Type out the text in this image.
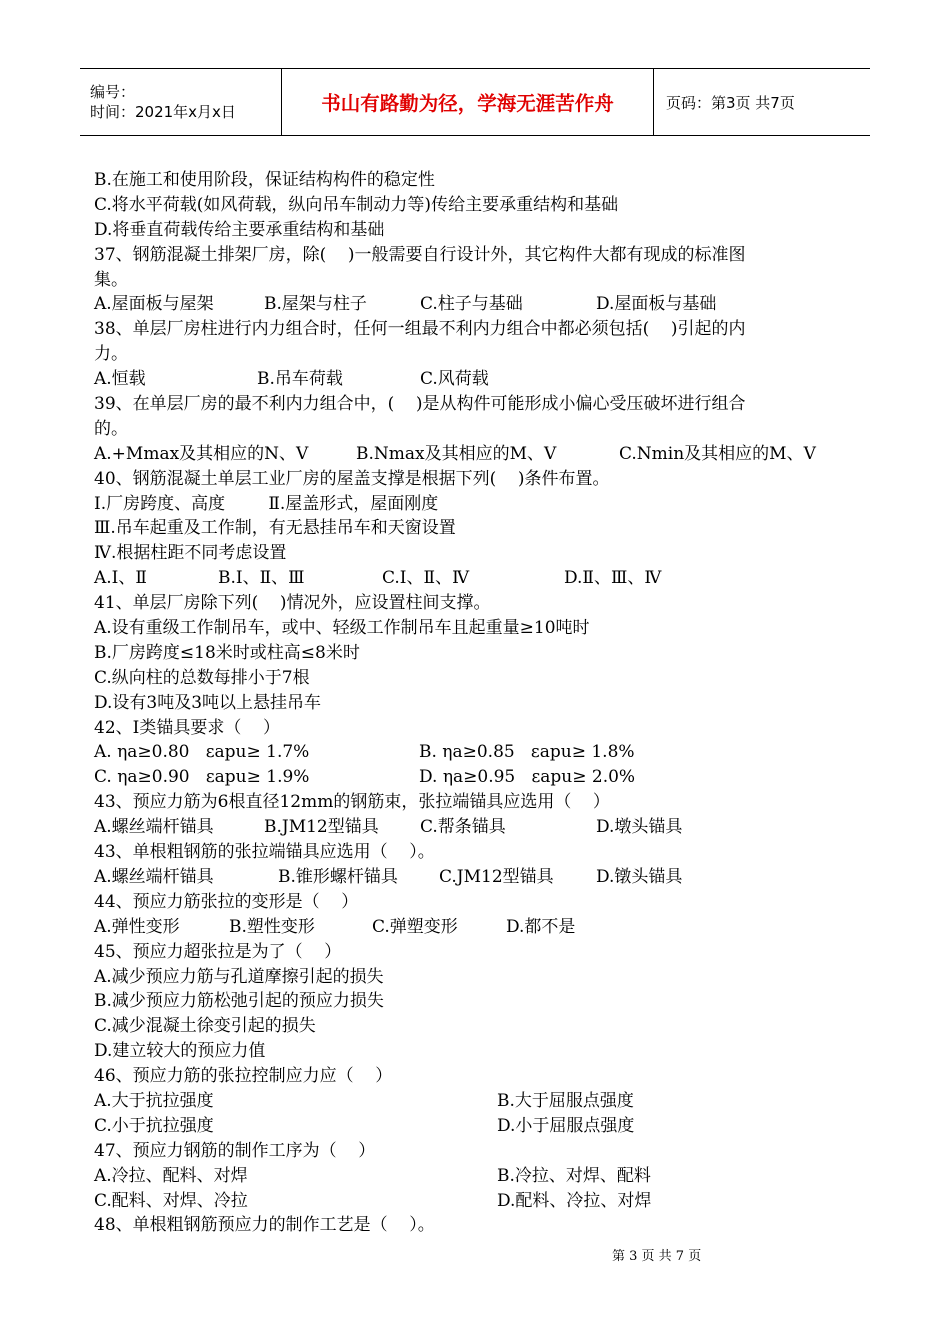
编号：
时间：2021年x月x日	书山有路勤为径，学海无涯苦作舟	页码：第3页 共7页
B.在施工和使用阶段，保证结构构件的稳定性
C.将水平荷载(如风荷载，纵向吊车制动力等)传给主要承重结构和基础
D.将垂直荷载传给主要承重结构和基础
37、钢筋混凝土排架厂房，除(    )一般需要自行设计外，其它构件大都有现成的标准图
集。
A.屋面板与屋架	B.屋架与柱子	C.柱子与基础	D.屋面板与基础
38、单层厂房柱进行内力组合时，任何一组最不利内力组合中都必须包括(    )引起的内
力。
A.恒载	B.吊车荷载	C.风荷载
39、在单层厂房的最不利内力组合中，(    )是从构件可能形成小偏心受压破坏进行组合
的。
A.+Mmax及其相应的N、V	B.Nmax及其相应的M、V	C.Nmin及其相应的M、V
40、钢筋混凝土单层工业厂房的屋盖支撑是根据下列(    )条件布置。
Ⅰ.厂房跨度、高度        Ⅱ.屋盖形式，屋面刚度
Ⅲ.吊车起重及工作制，有无悬挂吊车和天窗设置
Ⅳ.根据柱距不同考虑设置
A.Ⅰ、Ⅱ	B.Ⅰ、Ⅱ、Ⅲ	C.Ⅰ、Ⅱ、Ⅳ	D.Ⅱ、Ⅲ、Ⅳ
41、单层厂房除下列(    )情况外，应设置柱间支撑。
A.设有重级工作制吊车，或中、轻级工作制吊车且起重量≥10吨时
B.厂房跨度≤18米时或柱高≤8米时
C.纵向柱的总数每排小于7根
D.设有3吨及3吨以上悬挂吊车
42、I类锚具要求（    ）
A. ηa≥0.80   εapu≥ 1.7%	B. ηa≥0.85   εapu≥ 1.8%
C. ηa≥0.90   εapu≥ 1.9%	D. ηa≥0.95   εapu≥ 2.0%
43、预应力筋为6根直径12mm的钢筋束，张拉端锚具应选用（    ）
A.螺丝端杆锚具	B.JM12型锚具 C.帮条锚具	D.墩头锚具
43、单根粗钢筋的张拉端锚具应选用（    ）。
A.螺丝端杆锚具	B.锥形螺杆锚具 C.JM12型锚具 D.镦头锚具
44、预应力筋张拉的变形是（    ）
A.弹性变形	B.塑性变形	C.弹塑变形	D.都不是
45、预应力超张拉是为了（    ）
A.减少预应力筋与孔道摩擦引起的损失
B.减少预应力筋松弛引起的预应力损失
C.减少混凝土徐变引起的损失
D.建立较大的预应力值
46、预应力筋的张拉控制应力应（    ）
A.大于抗拉强度	B.大于屈服点强度
C.小于抗拉强度	D.小于屈服点强度
47、预应力钢筋的制作工序为（    ）
A.冷拉、配料、对焊	B.冷拉、对焊、配料
C.配料、对焊、冷拉	D.配料、冷拉、对焊
48、单根粗钢筋预应力的制作工艺是（    ）。
第 3 页 共 7 页
